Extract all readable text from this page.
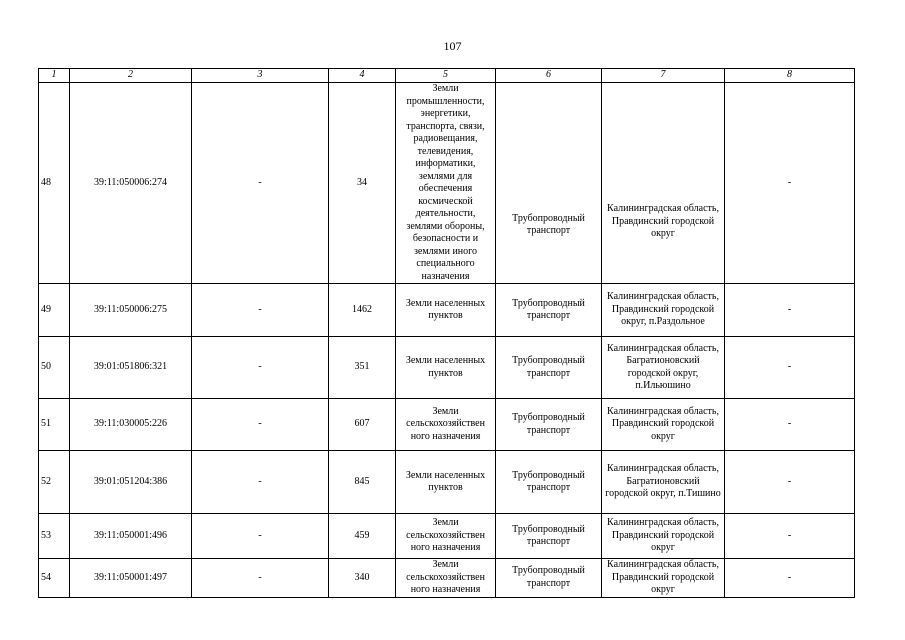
107
1	2	3	4	5	6	7	8
48	39:11:050006:274	-	34	Земли промышленности, энергетики, транспорта, связи, радиовещания, телевидения, информатики, землями для обеспечения космической деятельности, землями обороны, безопасности и землями иного специального назначения	Трубопроводный транспорт	Калининградская область, Правдинский городской округ	-
49	39:11:050006:275	-	1462	Земли населенных пунктов	Трубопроводный транспорт	Калининградская область, Правдинский городской округ, п.Раздольное	-
50	39:01:051806:321	-	351	Земли населенных пунктов	Трубопроводный транспорт	Калининградская область, Багратионовский городской округ, п.Ильюшино	-
51	39:11:030005:226	-	607	Земли сельскохозяйствен ного назначения	Трубопроводный транспорт	Калининградская область, Правдинский городской округ	-
52	39:01:051204:386	-	845	Земли населенных пунктов	Трубопроводный транспорт	Калининградская область, Багратионовский городской округ, п.Тишино	-
53	39:11:050001:496	-	459	Земли сельскохозяйствен ного назначения	Трубопроводный транспорт	Калининградская область, Правдинский городской округ	-
54	39:11:050001:497	-	340	Земли сельскохозяйствен ного назначения	Трубопроводный транспорт	Калининградская область, Правдинский городской округ	-
